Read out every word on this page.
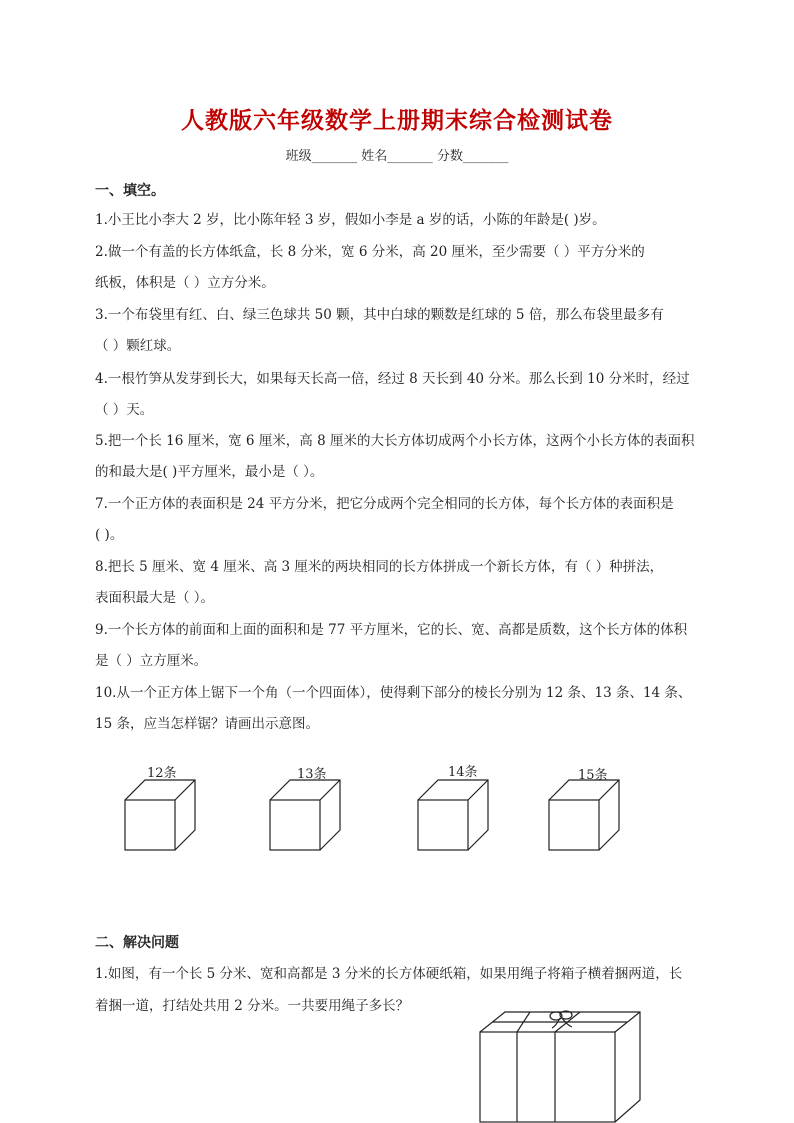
人教版六年级数学上册期末综合检测试卷
班级_______ 姓名_______ 分数_______
一、填空。
1.小王比小李大 2 岁，比小陈年轻 3 岁，假如小李是 a 岁的话，小陈的年龄是( )岁。
2.做一个有盖的长方体纸盒，长 8 分米，宽 6 分米，高 20 厘米，至少需要（ ）平方分米的
纸板，体积是（ ）立方分米。
3.一个布袋里有红、白、绿三色球共 50 颗，其中白球的颗数是红球的 5 倍，那么布袋里最多有
（ ）颗红球。
4.一根竹笋从发芽到长大，如果每天长高一倍，经过 8 天长到 40 分米。那么长到 10 分米时，经过
（ ）天。
5.把一个长 16 厘米，宽 6 厘米，高 8 厘米的大长方体切成两个小长方体，这两个小长方体的表面积
的和最大是( )平方厘米，最小是（ ）。
7.一个正方体的表面积是 24 平方分米，把它分成两个完全相同的长方体，每个长方体的表面积是
( )。
8.把长 5 厘米、宽 4 厘米、高 3 厘米的两块相同的长方体拼成一个新长方体，有（ ）种拼法，
表面积最大是（ ）。
9.一个长方体的前面和上面的面积和是 77 平方厘米，它的长、宽、高都是质数，这个长方体的体积
是（ ）立方厘米。
10.从一个正方体上锯下一个角（一个四面体），使得剩下部分的棱长分别为 12 条、13 条、14 条、
15 条，应当怎样锯？请画出示意图。
12条	13条	14条	15条
二、解决问题
1.如图，有一个长 5 分米、宽和高都是 3 分米的长方体硬纸箱，如果用绳子将箱子横着捆两道，长
着捆一道，打结处共用 2 分米。一共要用绳子多长？
